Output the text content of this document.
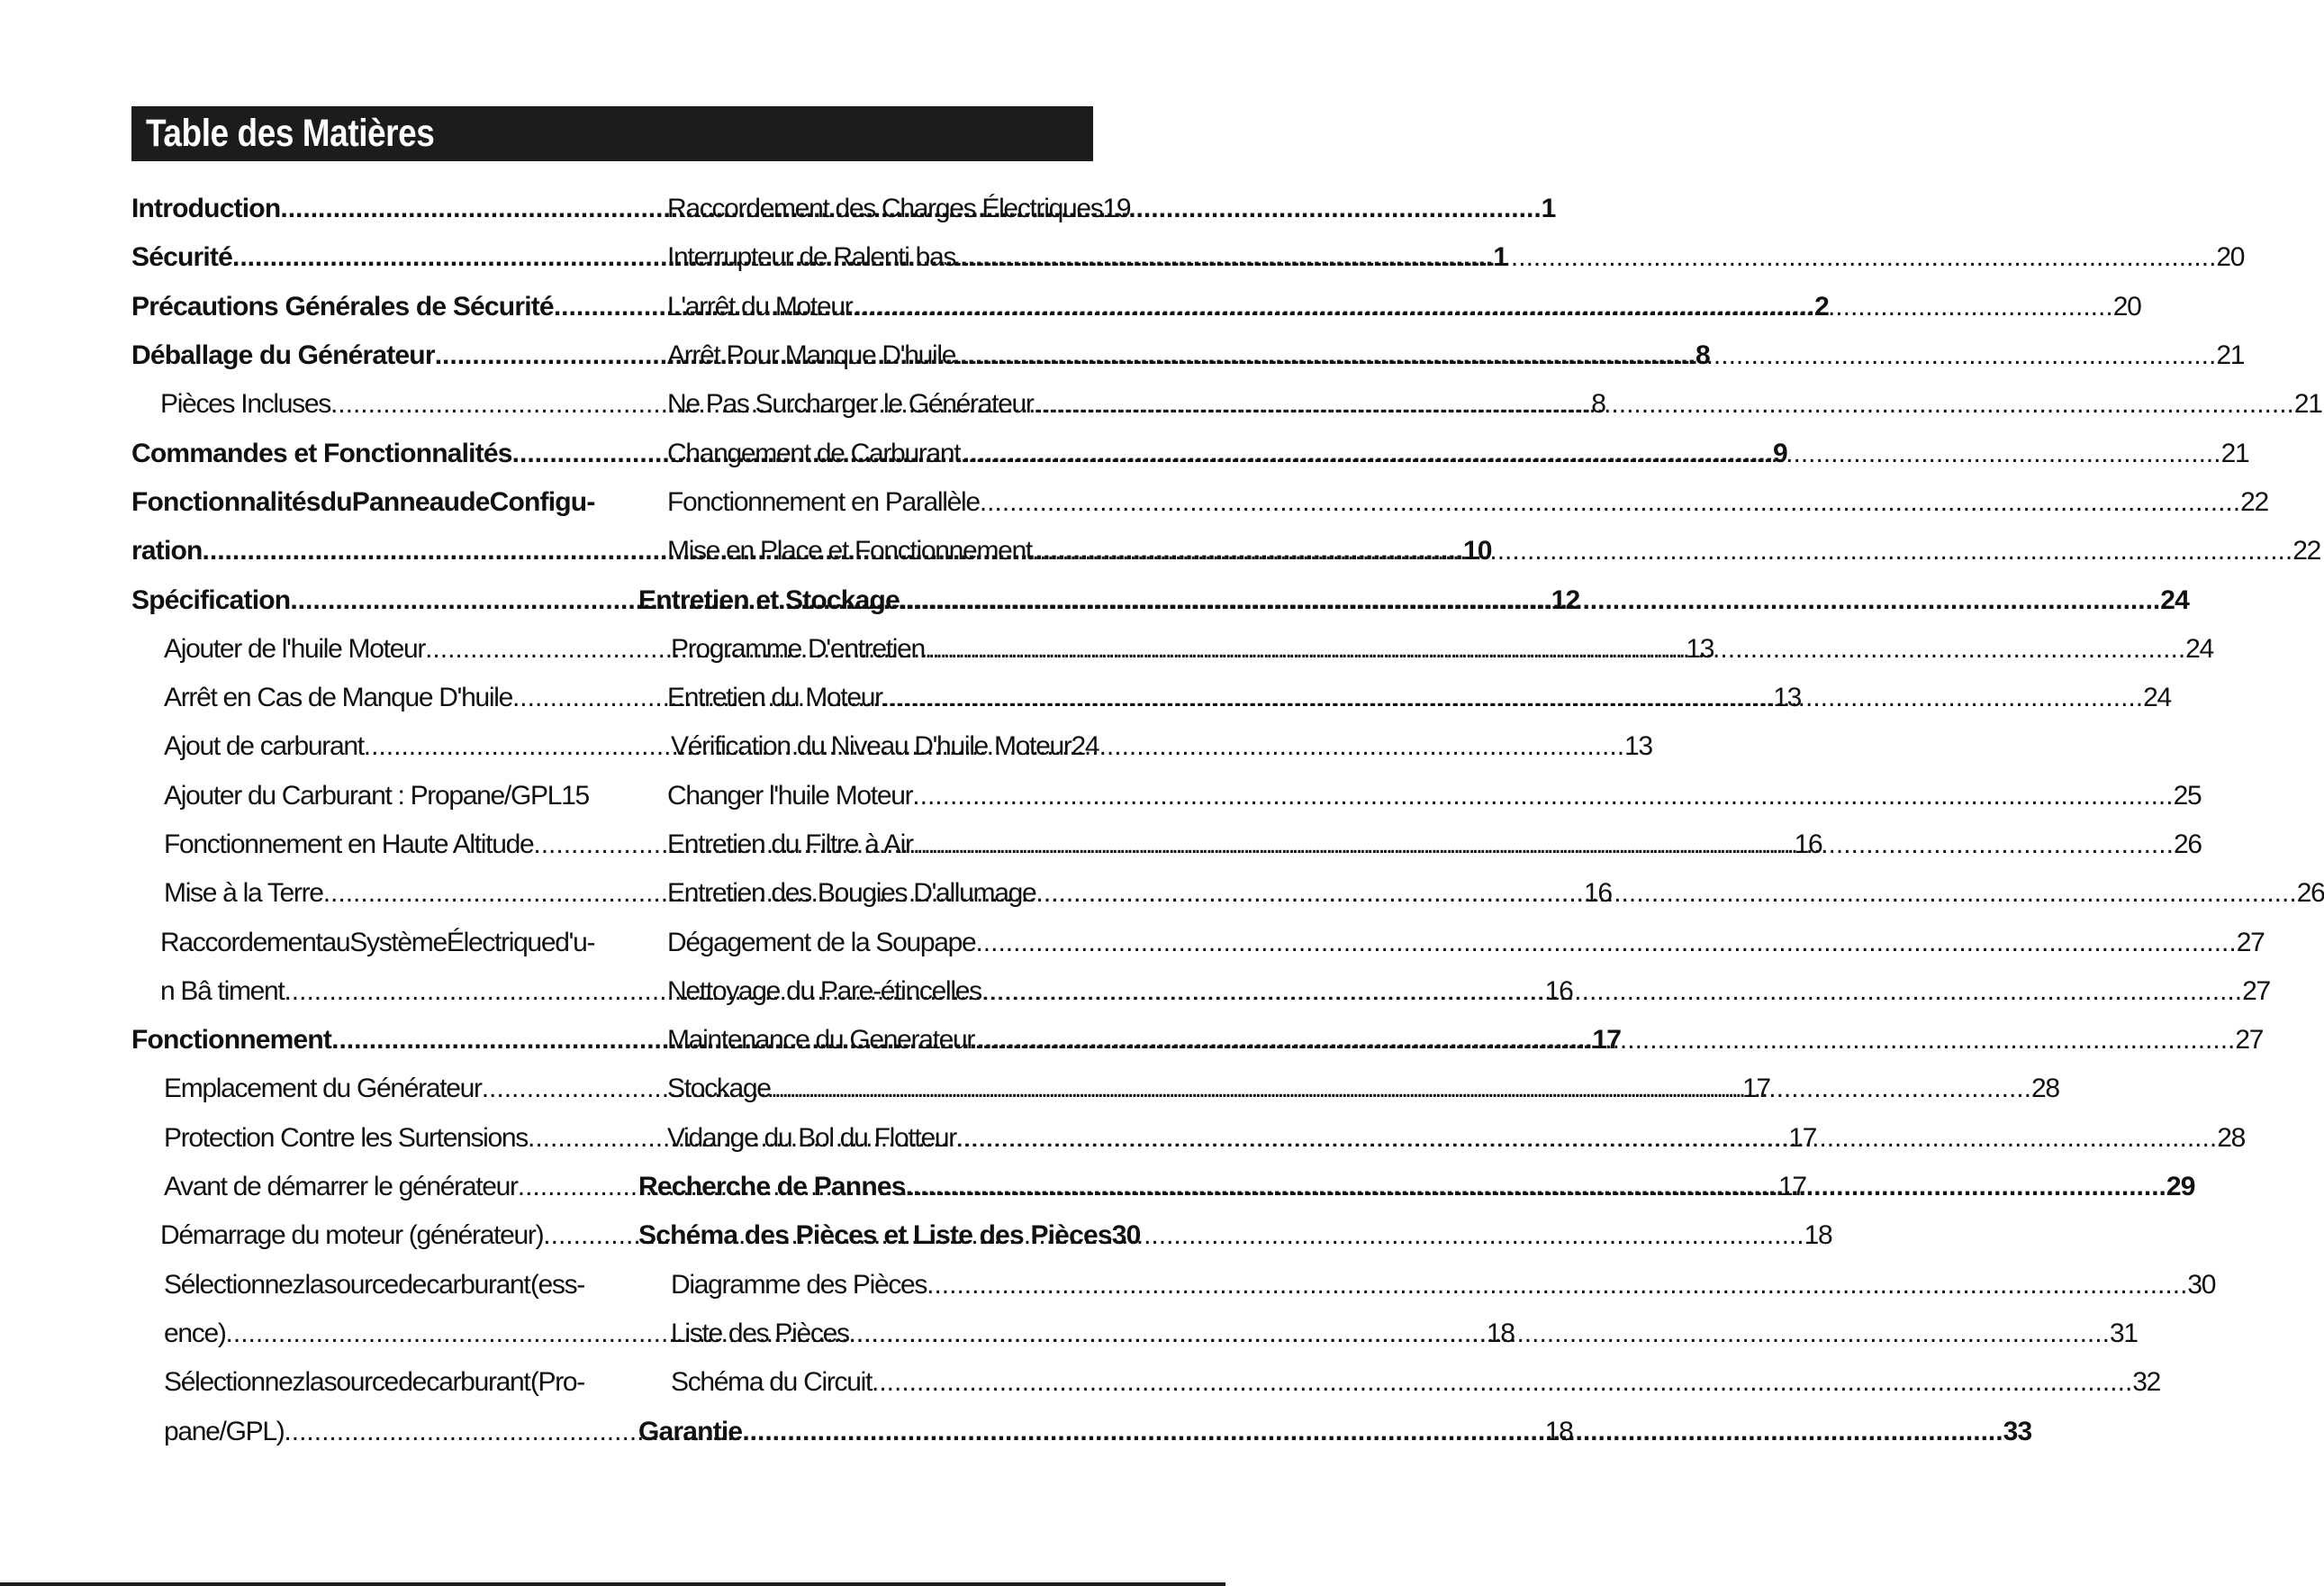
Table des Matières
Introduction .....	1
Sécurité .....	1
Précautions Générales de Sécurité .....	2
Déballage du Générateur .....	8
Pièces Incluses .....	8
Commandes et Fonctionnalités .....	9
Fonctionnalités du Panneau de Configu-
ration .....	10
Spécification .....	12
Ajouter de l'huile Moteur .....	13
Arrêt en Cas de Manque D'huile .....	13
Ajout de carburant .....	13
Ajouter du Carburant : Propane/GPL 15
Fonctionnement en Haute Altitude .....	16
Mise à la Terre .....	16
Raccordement au Système Électrique d'u-
n Bâ timent .....	16
Fonctionnement .....	17
Emplacement du Générateur .....	17
Protection Contre les Surtensions .....	17
Avant de démarrer le générateur .....	17
Démarrage du moteur (générateur) .....	18
Sélectionnez la source de carburant (ess-
ence) .....	18
Sélectionnez la source de carburant (Pro-
pane/GPL) .....	18
Raccordement des Charges Électriques 19
Interrupteur de Ralenti bas .....	20
L'arrêt du Moteur .....	20
Arrêt Pour Manque D'huile .....	21
Ne Pas Surcharger le Générateur .....	21
Changement de Carburant .....	21
Fonctionnement en Parallèle .....	22
Mise en Place et Fonctionnement .....	22
Entretien et Stockage .....	24
Programme D'entretien .....	24
Entretien du Moteur .....	24
Vérification du Niveau D'huile Moteur 24
Changer l'huile Moteur .....	25
Entretien du Filtre à Air .....	26
Entretien des Bougies D'allumage .....	26
Dégagement de la Soupape .....	27
Nettoyage du Pare-étincelles .....	27
Maintenance du Generateur .....	27
Stockage .....	28
Vidange du Bol du Flotteur .....	28
Recherche de Pannes .....	29
Schéma des Pièces et Liste des Pièces 30
Diagramme des Pièces .....	30
Liste des Pièces .....	31
Schéma du Circuit .....	32
Garantie .....	33
